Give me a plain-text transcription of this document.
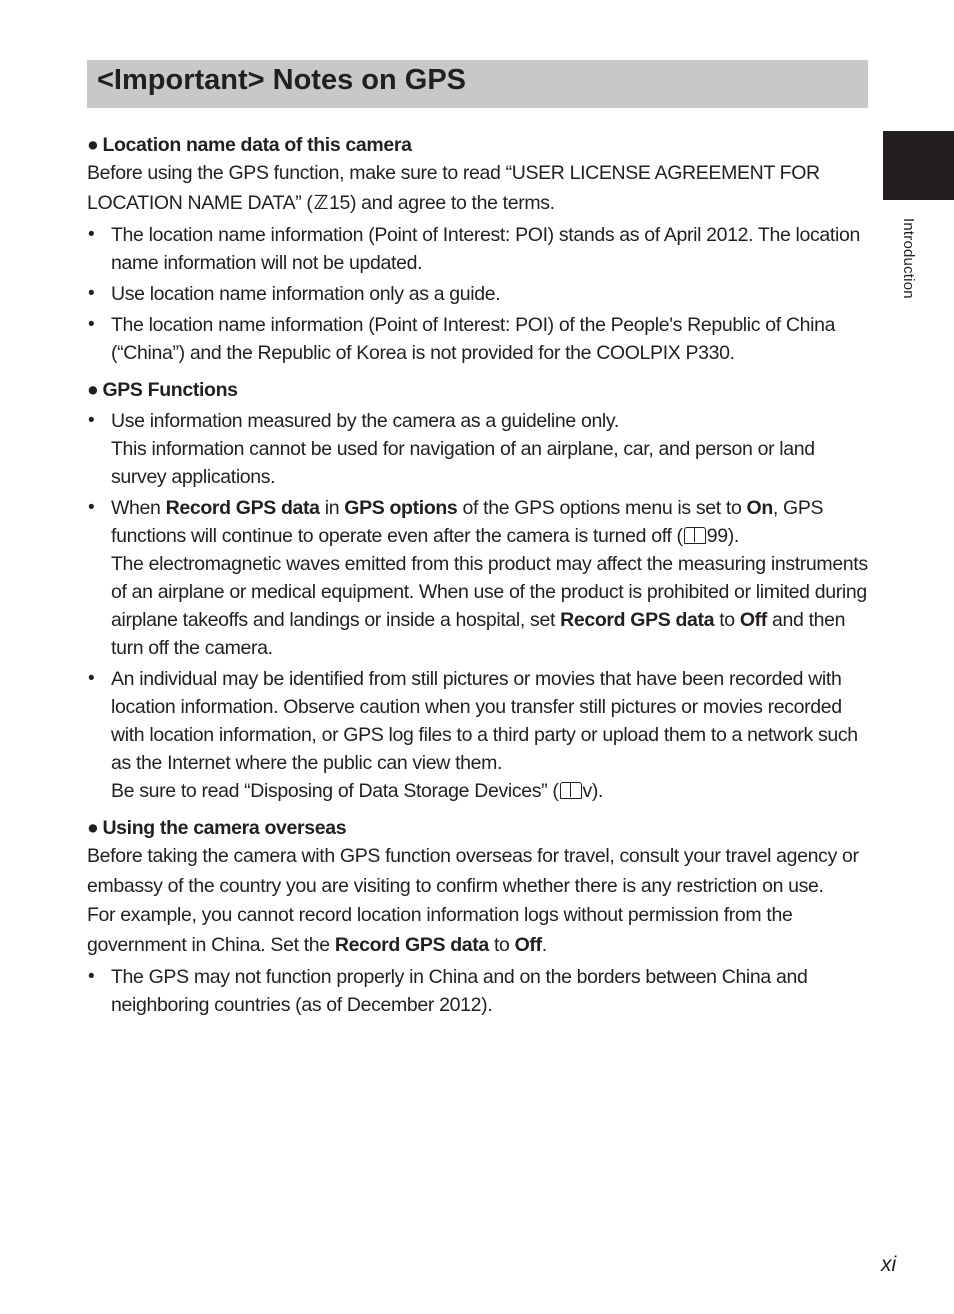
<Important> Notes on GPS
Introduction
● Location name data of this camera

Before using the GPS function, make sure to read “USER LICENSE AGREEMENT FOR LOCATION NAME DATA” (ℤ15) and agree to the terms.

• The location name information (Point of Interest: POI) stands as of April 2012. The location name information will not be updated.
• Use location name information only as a guide.
• The location name information (Point of Interest: POI) of the People's Republic of China (“China”) and the Republic of Korea is not provided for the COOLPIX P330.
● GPS Functions

• Use information measured by the camera as a guideline only.

This information cannot be used for navigation of an airplane, car, and person or land survey applications.

• When Record GPS data in GPS options of the GPS options menu is set to On, GPS functions will continue to operate even after the camera is turned off ( 99).

The electromagnetic waves emitted from this product may affect the measuring instruments of an airplane or medical equipment. When use of the product is prohibited or limited during airplane takeoffs and landings or inside a hospital, set Record GPS data to Off and then turn off the camera.

• An individual may be identified from still pictures or movies that have been recorded with location information. Observe caution when you transfer still pictures or movies recorded with location information, or GPS log files to a third party or upload them to a network such as the Internet where the public can view them.

Be sure to read “Disposing of Data Storage Devices” ( v).

● Using the camera overseas

Before taking the camera with GPS function overseas for travel, consult your travel agency or embassy of the country you are visiting to confirm whether there is any restriction on use.

For example, you cannot record location information logs without permission from the government in China. Set the Record GPS data to Off.

• The GPS may not function properly in China and on the borders between China and neighboring countries (as of December 2012).
xi
